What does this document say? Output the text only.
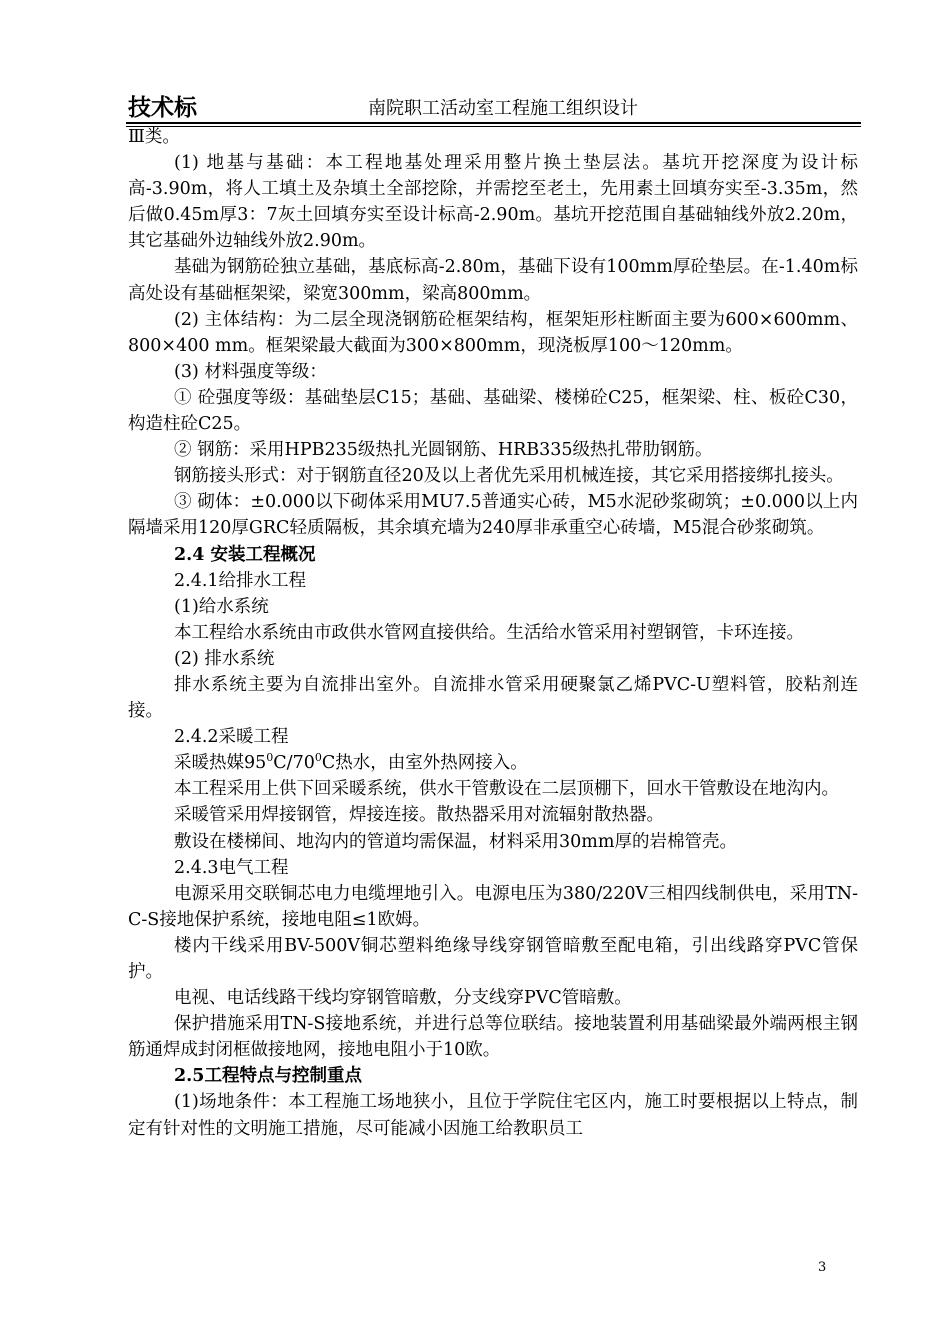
技术标	南院职工活动室工程施工组织设计

Ⅲ类。

(1) 地基与基础：本工程地基处理采用整片换土垫层法。基坑开挖深度为设计标高-3.90m，将人工填土及杂填土全部挖除，并需挖至老土，先用素土回填夯实至-3.35m，然后做0.45m厚3：7灰土回填夯实至设计标高-2.90m。基坑开挖范围自基础轴线外放2.20m，其它基础外边轴线外放2.90m。

基础为钢筋砼独立基础，基底标高-2.80m，基础下设有100mm厚砼垫层。在-1.40m标高处设有基础框架梁，梁宽300mm，梁高800mm。

(2) 主体结构：为二层全现浇钢筋砼框架结构，框架矩形柱断面主要为600×600mm、800×400 mm。框架梁最大截面为300×800mm，现浇板厚100～120mm。

(3) 材料强度等级：

① 砼强度等级：基础垫层C15；基础、基础梁、楼梯砼C25，框架梁、柱、板砼C30，构造柱砼C25。

② 钢筋：采用HPB235级热扎光圆钢筋、HRB335级热扎带肋钢筋。

钢筋接头形式：对于钢筋直径20及以上者优先采用机械连接，其它采用搭接绑扎接头。

③ 砌体：±0.000以下砌体采用MU7.5普通实心砖，M5水泥砂浆砌筑；±0.000以上内隔墙采用120厚GRC轻质隔板，其余填充墙为240厚非承重空心砖墙，M5混合砂浆砌筑。

2.4 安装工程概况

2.4.1给排水工程

(1)给水系统

本工程给水系统由市政供水管网直接供给。生活给水管采用衬塑钢管，卡环连接。

(2) 排水系统

排水系统主要为自流排出室外。自流排水管采用硬聚氯乙烯PVC-U塑料管，胶粘剂连接。

2.4.2采暖工程

采暖热媒$95^0C/70^0C$热水，由室外热网接入。

本工程采用上供下回采暖系统，供水干管敷设在二层顶棚下，回水干管敷设在地沟内。

采暖管采用焊接钢管，焊接连接。散热器采用对流辐射散热器。

敷设在楼梯间、地沟内的管道均需保温，材料采用30mm厚的岩棉管壳。

2.4.3电气工程

电源采用交联铜芯电力电缆埋地引入。电源电压为380/220V三相四线制供电，采用TN-C-S接地保护系统，接地电阻≤1欧姆。

楼内干线采用BV-500V铜芯塑料绝缘导线穿钢管暗敷至配电箱，引出线路穿PVC管保护。

电视、电话线路干线均穿钢管暗敷，分支线穿PVC管暗敷。

保护措施采用TN-S接地系统，并进行总等位联结。接地装置利用基础梁最外端两根主钢筋通焊成封闭框做接地网，接地电阻小于10欧。

2.5工程特点与控制重点

(1)场地条件：本工程施工场地狭小，且位于学院住宅区内，施工时要根据以上特点，制定有针对性的文明施工措施，尽可能减小因施工给教职员工

3
